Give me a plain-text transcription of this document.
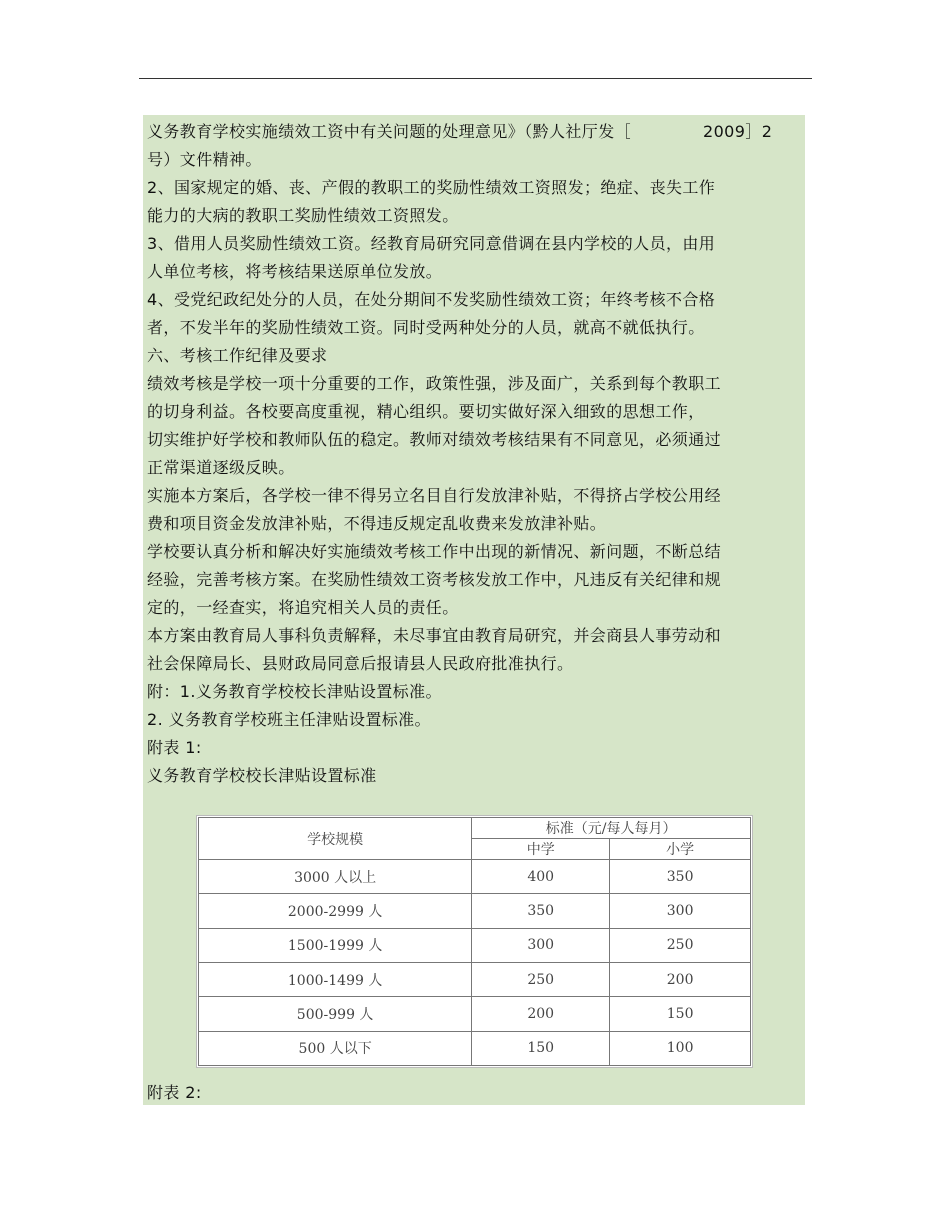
义务教育学校实施绩效工资中有关问题的处理意见》（黔人社厅发［	2009］2
号）文件精神。

2、国家规定的婚、丧、产假的教职工的奖励性绩效工资照发；绝症、丧失工作
能力的大病的教职工奖励性绩效工资照发。

3、借用人员奖励性绩效工资。经教育局研究同意借调在县内学校的人员，由用
人单位考核，将考核结果送原单位发放。

4、受党纪政纪处分的人员，在处分期间不发奖励性绩效工资；年终考核不合格
者，不发半年的奖励性绩效工资。同时受两种处分的人员，就高不就低执行。

六、考核工作纪律及要求

绩效考核是学校一项十分重要的工作，政策性强，涉及面广，关系到每个教职工
的切身利益。各校要高度重视，精心组织。要切实做好深入细致的思想工作，
切实维护好学校和教师队伍的稳定。教师对绩效考核结果有不同意见，必须通过
正常渠道逐级反映。

实施本方案后，各学校一律不得另立名目自行发放津补贴，不得挤占学校公用经
费和项目资金发放津补贴，不得违反规定乱收费来发放津补贴。

学校要认真分析和解决好实施绩效考核工作中出现的新情况、新问题，不断总结
经验，完善考核方案。在奖励性绩效工资考核发放工作中，凡违反有关纪律和规
定的，一经查实，将追究相关人员的责任。

本方案由教育局人事科负责解释，未尽事宜由教育局研究，并会商县人事劳动和
社会保障局长、县财政局同意后报请县人民政府批准执行。

附：1.义务教育学校校长津贴设置标准。

2. 义务教育学校班主任津贴设置标准。

附表 1:

义务教育学校校长津贴设置标准

学校规模	标准（元/每人每月）	
	中学	小学
3000 人以上	400	350
2000-2999 人	350	300
1500-1999 人	300	250
1000-1499 人	250	200
500-999 人	200	150
500 人以下	150	100
附表 2:
